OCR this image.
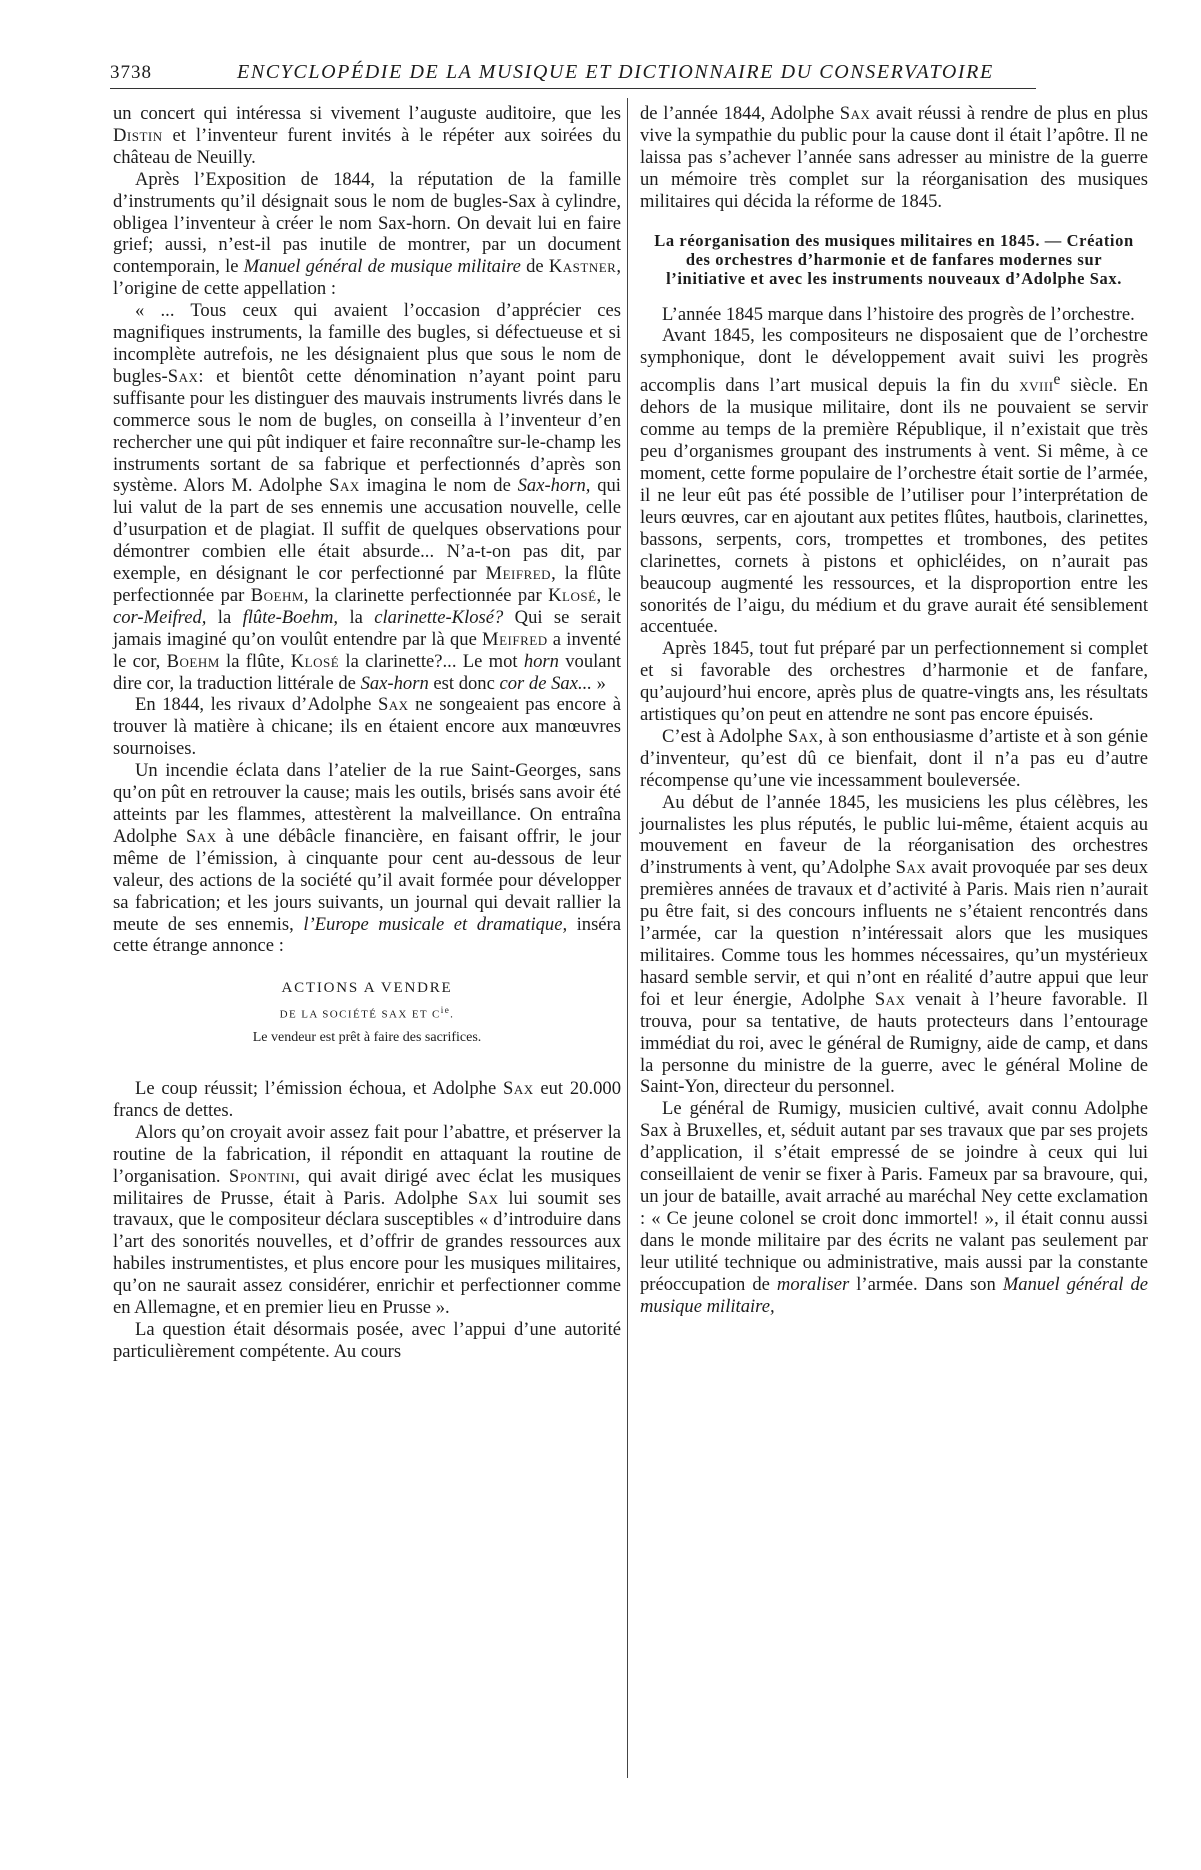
3738	ENCYCLOPÉDIE DE LA MUSIQUE ET DICTIONNAIRE DU CONSERVATOIRE

un concert qui intéressa si vivement l’auguste auditoire, que les Distin et l’inventeur furent invités à le répéter aux soirées du château de Neuilly.

Après l’Exposition de 1844, la réputation de la famille d’instruments qu’il désignait sous le nom de bugles-Sax à cylindre, obligea l’inventeur à créer le nom Sax-horn. On devait lui en faire grief; aussi, n’est-il pas inutile de montrer, par un document contemporain, le Manuel général de musique militaire de Kastner, l’origine de cette appellation :

« ... Tous ceux qui avaient l’occasion d’apprécier ces magnifiques instruments, la famille des bugles, si défectueuse et si incomplète autrefois, ne les désignaient plus que sous le nom de bugles-Sax: et bientôt cette dénomination n’ayant point paru suffisante pour les distinguer des mauvais instruments livrés dans le commerce sous le nom de bugles, on conseilla à l’inventeur d’en rechercher une qui pût indiquer et faire reconnaître sur-le-champ les instruments sortant de sa fabrique et perfectionnés d’après son système. Alors M. Adolphe Sax imagina le nom de Sax-horn, qui lui valut de la part de ses ennemis une accusation nouvelle, celle d’usurpation et de plagiat. Il suffit de quelques observations pour démontrer combien elle était absurde... N’a-t-on pas dit, par exemple, en désignant le cor perfectionné par Meifred, la flûte perfectionnée par Boehm, la clarinette perfectionnée par Klosé, le cor-Meifred, la flûte-Boehm, la clarinette-Klosé? Qui se serait jamais imaginé qu’on voulût entendre par là que Meifred a inventé le cor, Boehm la flûte, Klosé la clarinette?... Le mot horn voulant dire cor, la traduction littérale de Sax-horn est donc cor de Sax... »

En 1844, les rivaux d’Adolphe Sax ne songeaient pas encore à trouver là matière à chicane; ils en étaient encore aux manœuvres sournoises.

Un incendie éclata dans l’atelier de la rue Saint-Georges, sans qu’on pût en retrouver la cause; mais les outils, brisés sans avoir été atteints par les flammes, attestèrent la malveillance. On entraîna Adolphe Sax à une débâcle financière, en faisant offrir, le jour même de l’émission, à cinquante pour cent au-dessous de leur valeur, des actions de la société qu’il avait formée pour développer sa fabrication; et les jours suivants, un journal qui devait rallier la meute de ses ennemis, l’Europe musicale et dramatique, inséra cette étrange annonce :

ACTIONS A VENDRE
DE LA SOCIÉTÉ SAX ET $C^{ie}$.
Le vendeur est prêt à faire des sacrifices.

Le coup réussit; l’émission échoua, et Adolphe Sax eut 20.000 francs de dettes.

Alors qu’on croyait avoir assez fait pour l’abattre, et préserver la routine de la fabrication, il répondit en attaquant la routine de l’organisation. Spontini, qui avait dirigé avec éclat les musiques militaires de Prusse, était à Paris. Adolphe Sax lui soumit ses travaux, que le compositeur déclara susceptibles « d’introduire dans l’art des sonorités nouvelles, et d’offrir de grandes ressources aux habiles instrumentistes, et plus encore pour les musiques militaires, qu’on ne saurait assez considérer, enrichir et perfectionner comme en Allemagne, et en premier lieu en Prusse ».

La question était désormais posée, avec l’appui d’une autorité particulièrement compétente. Au cours

de l’année 1844, Adolphe Sax avait réussi à rendre de plus en plus vive la sympathie du public pour la cause dont il était l’apôtre. Il ne laissa pas s’achever l’année sans adresser au ministre de la guerre un mémoire très complet sur la réorganisation des musiques militaires qui décida la réforme de 1845.

La réorganisation des musiques militaires en 1845. — Création des orchestres d’harmonie et de fanfares modernes sur l’initiative et avec les instruments nouveaux d’Adolphe Sax.

L’année 1845 marque dans l’histoire des progrès de l’orchestre.

Avant 1845, les compositeurs ne disposaient que de l’orchestre symphonique, dont le développement avait suivi les progrès accomplis dans l’art musical depuis la fin du xviii$^e$ siècle. En dehors de la musique militaire, dont ils ne pouvaient se servir comme au temps de la première République, il n’existait que très peu d’organismes groupant des instruments à vent. Si même, à ce moment, cette forme populaire de l’orchestre était sortie de l’armée, il ne leur eût pas été possible de l’utiliser pour l’interprétation de leurs œuvres, car en ajoutant aux petites flûtes, hautbois, clarinettes, bassons, serpents, cors, trompettes et trombones, des petites clarinettes, cornets à pistons et ophicléides, on n’aurait pas beaucoup augmenté les ressources, et la disproportion entre les sonorités de l’aigu, du médium et du grave aurait été sensiblement accentuée.

Après 1845, tout fut préparé par un perfectionnement si complet et si favorable des orchestres d’harmonie et de fanfare, qu’aujourd’hui encore, après plus de quatre-vingts ans, les résultats artistiques qu’on peut en attendre ne sont pas encore épuisés.

C’est à Adolphe Sax, à son enthousiasme d’artiste et à son génie d’inventeur, qu’est dû ce bienfait, dont il n’a pas eu d’autre récompense qu’une vie incessamment bouleversée.

Au début de l’année 1845, les musiciens les plus célèbres, les journalistes les plus réputés, le public lui-même, étaient acquis au mouvement en faveur de la réorganisation des orchestres d’instruments à vent, qu’Adolphe Sax avait provoquée par ses deux premières années de travaux et d’activité à Paris. Mais rien n’aurait pu être fait, si des concours influents ne s’étaient rencontrés dans l’armée, car la question n’intéressait alors que les musiques militaires. Comme tous les hommes nécessaires, qu’un mystérieux hasard semble servir, et qui n’ont en réalité d’autre appui que leur foi et leur énergie, Adolphe Sax venait à l’heure favorable. Il trouva, pour sa tentative, de hauts protecteurs dans l’entourage immédiat du roi, avec le général de Rumigny, aide de camp, et dans la personne du ministre de la guerre, avec le général Moline de Saint-Yon, directeur du personnel.

Le général de Rumigy, musicien cultivé, avait connu Adolphe Sax à Bruxelles, et, séduit autant par ses travaux que par ses projets d’application, il s’était empressé de se joindre à ceux qui lui conseillaient de venir se fixer à Paris. Fameux par sa bravoure, qui, un jour de bataille, avait arraché au maréchal Ney cette exclamation : « Ce jeune colonel se croit donc immortel! », il était connu aussi dans le monde militaire par des écrits ne valant pas seulement par leur utilité technique ou administrative, mais aussi par la constante préoccupation de moraliser l’armée. Dans son Manuel général de musique militaire,
